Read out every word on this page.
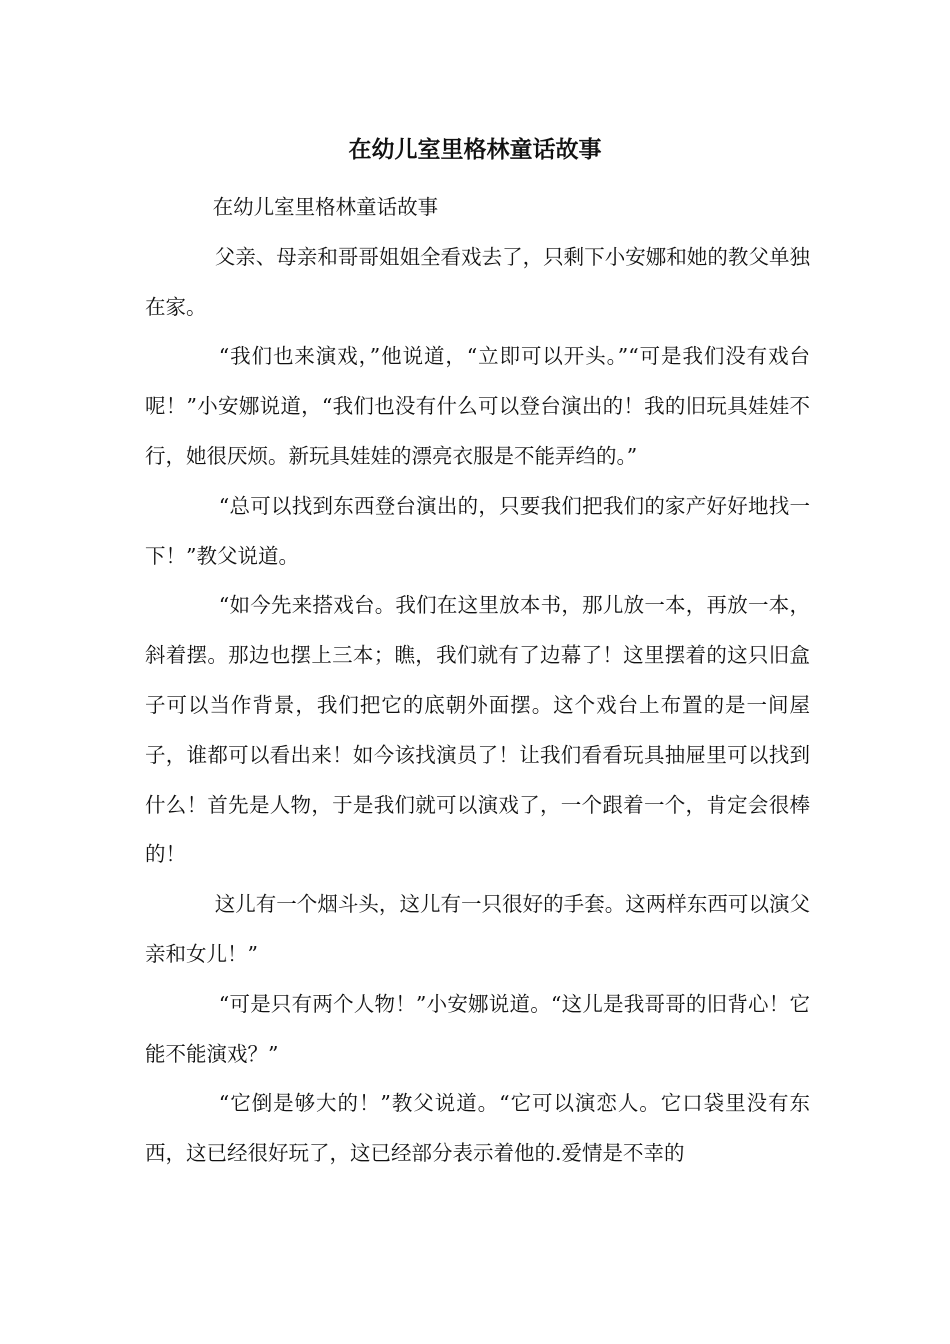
在幼儿室里格林童话故事

在幼儿室里格林童话故事

父亲、母亲和哥哥姐姐全看戏去了，只剩下小安娜和她的教父单独在家。

“我们也来演戏，”他说道，“立即可以开头。”“可是我们没有戏台呢！”小安娜说道，“我们也没有什么可以登台演出的！我的旧玩具娃娃不行，她很厌烦。新玩具娃娃的漂亮衣服是不能弄绉的。”

“总可以找到东西登台演出的，只要我们把我们的家产好好地找一下！”教父说道。

“如今先来搭戏台。我们在这里放本书，那儿放一本，再放一本，斜着摆。那边也摆上三本；瞧，我们就有了边幕了！这里摆着的这只旧盒子可以当作背景，我们把它的底朝外面摆。这个戏台上布置的是一间屋子，谁都可以看出来！如今该找演员了！让我们看看玩具抽屉里可以找到什么！首先是人物，于是我们就可以演戏了，一个跟着一个，肯定会很棒的！

这儿有一个烟斗头，这儿有一只很好的手套。这两样东西可以演父亲和女儿！”

“可是只有两个人物！”小安娜说道。“这儿是我哥哥的旧背心！它能不能演戏？”

“它倒是够大的！”教父说道。“它可以演恋人。它口袋里没有东西，这已经很好玩了，这已经部分表示着他的.爱情是不幸的
